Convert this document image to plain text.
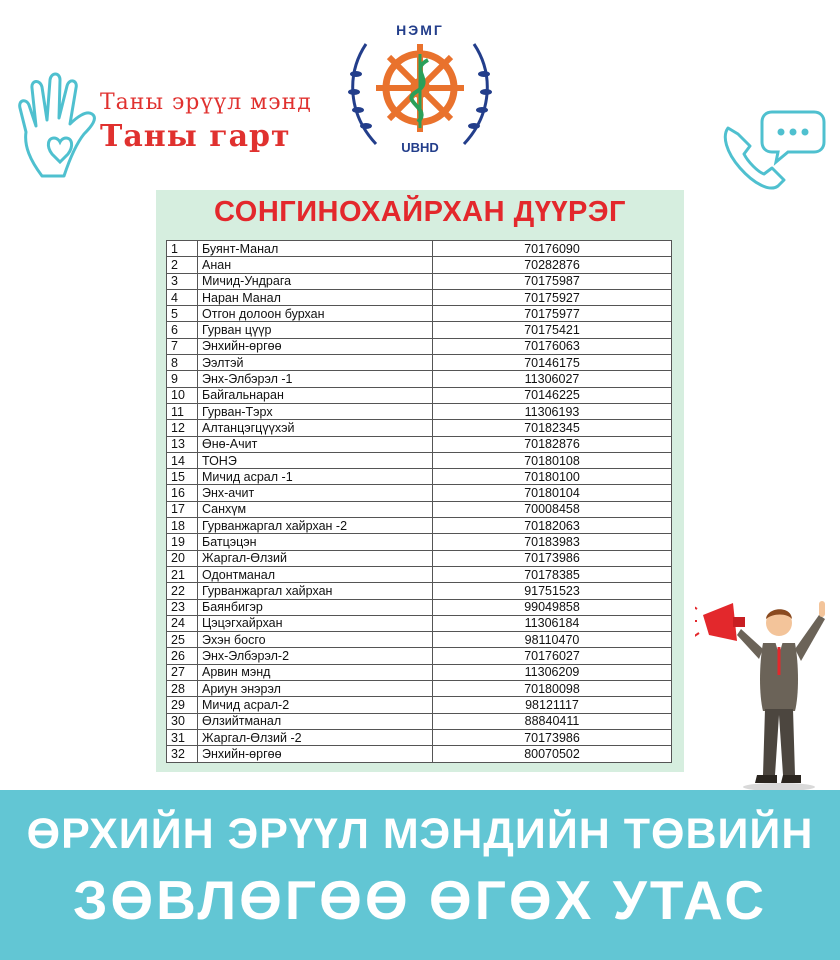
Таны эрүүл мэнд
Таны гарт
НЭМГ
UBHD
СОНГИНОХАЙРХАН ДҮҮРЭГ
1	Буянт-Манал	70176090
2	Анан	70282876
3	Мичид-Ундрага	70175987
4	Наран Манал	70175927
5	Отгон долоон бурхан	70175977
6	Гурван цүүр	70175421
7	Энхийн-өргөө	70176063
8	Ээлтэй	70146175
9	Энх-Элбэрэл -1	11306027
10	Байгальнаран	70146225
11	Гурван-Тэрх	11306193
12	Алтанцэгцүүхэй	70182345
13	Өнө-Ачит	70182876
14	ТОНЭ	70180108
15	Мичид асрал -1	70180100
16	Энх-ачит	70180104
17	Санхүм	70008458
18	Гурванжаргал хайрхан -2	70182063
19	Батцэцэн	70183983
20	Жаргал-Өлзий	70173986
21	Одонтманал	70178385
22	Гурванжаргал хайрхан	91751523
23	Баянбигэр	99049858
24	Цэцэгхайрхан	11306184
25	Эхэн босго	98110470
26	Энх-Элбэрэл-2	70176027
27	Арвин мэнд	11306209
28	Ариун энэрэл	70180098
29	Мичид асрал-2	98121117
30	Өлзийтманал	88840411
31	Жаргал-Өлзий -2	70173986
32	Энхийн-өргөө	80070502
ӨРХИЙН ЭРҮҮЛ МЭНДИЙН ТӨВИЙН
ЗӨВЛӨГӨӨ ӨГӨХ УТАС
